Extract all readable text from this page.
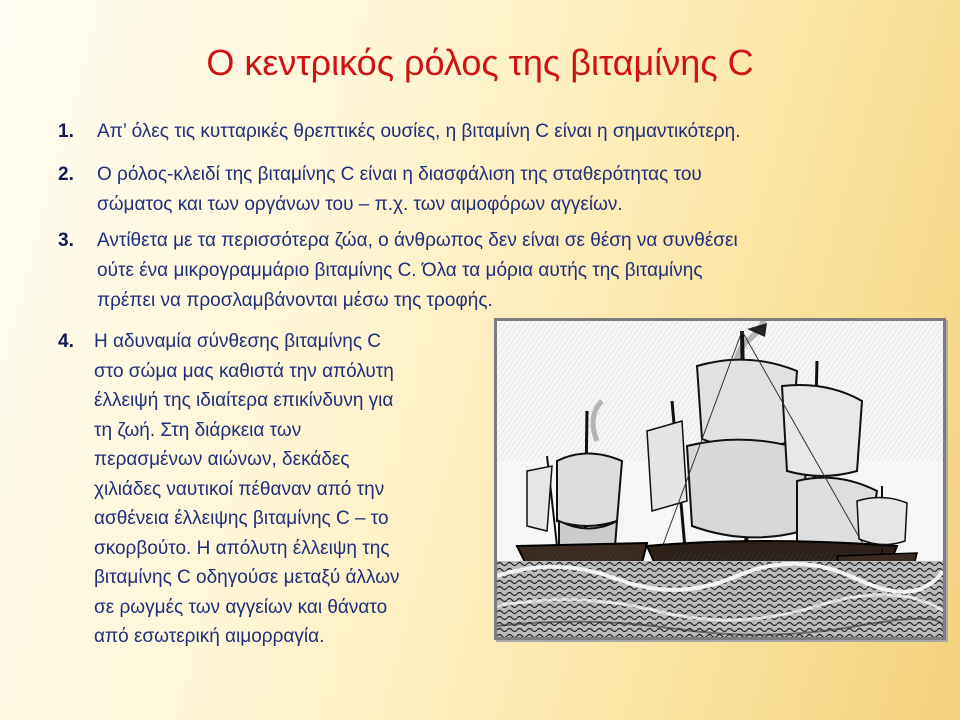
Ο κεντρικός ρόλος της βιταμίνης C
1. Απ’ όλες τις κυτταρικές θρεπτικές ουσίες, η βιταμίνη C είναι η σημαντικότερη.
2. Ο ρόλος-κλειδί της βιταμίνης C είναι η διασφάλιση της σταθερότητας του
σώματος και των οργάνων του – π.χ. των αιμοφόρων αγγείων.
3. Αντίθετα με τα περισσότερα ζώα, ο άνθρωπος δεν είναι σε θέση να συνθέσει
ούτε ένα μικρογραμμάριο βιταμίνης C. Όλα τα μόρια αυτής της βιταμίνης
πρέπει να προσλαμβάνονται μέσω της τροφής.
4. Η αδυναμία σύνθεσης βιταμίνης C
στο σώμα μας καθιστά την απόλυτη
έλλειψή της ιδιαίτερα επικίνδυνη για
τη ζωή. Στη διάρκεια των
περασμένων αιώνων, δεκάδες
χιλιάδες ναυτικοί πέθαναν από την
ασθένεια έλλειψης βιταμίνης C – το
σκορβούτο. Η απόλυτη έλλειψη της
βιταμίνης C οδηγούσε μεταξύ άλλων
σε ρωγμές των αγγείων και θάνατο
από εσωτερική αιμορραγία.
